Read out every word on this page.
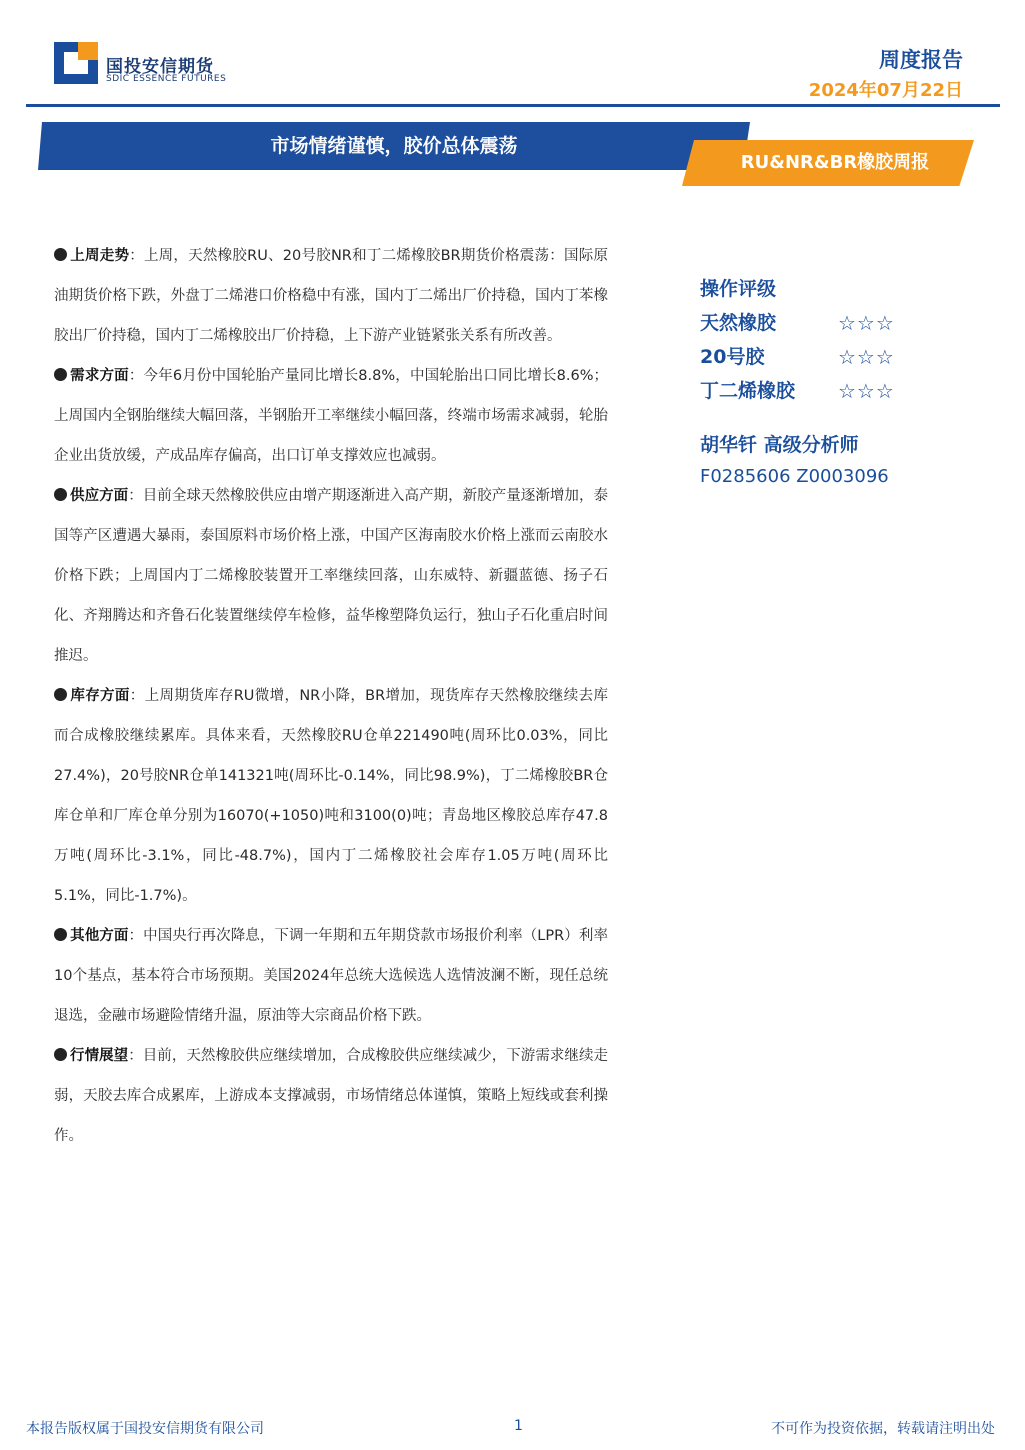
国投安信期货
SDIC ESSENCE FUTURES
周度报告
2024年07月22日
市场情绪谨慎，胶价总体震荡
RU&NR&BR橡胶周报

上周走势：上周，天然橡胶RU、20号胶NR和丁二烯橡胶BR期货价格震荡：国际原油期货价格下跌，外盘丁二烯港口价格稳中有涨，国内丁二烯出厂价持稳，国内丁苯橡胶出厂价持稳，国内丁二烯橡胶出厂价持稳，上下游产业链紧张关系有所改善。

需求方面：今年6月份中国轮胎产量同比增长8.8%，中国轮胎出口同比增长8.6%；上周国内全钢胎继续大幅回落，半钢胎开工率继续小幅回落，终端市场需求减弱，轮胎企业出货放缓，产成品库存偏高，出口订单支撑效应也减弱。

供应方面：目前全球天然橡胶供应由增产期逐渐进入高产期，新胶产量逐渐增加，泰国等产区遭遇大暴雨，泰国原料市场价格上涨，中国产区海南胶水价格上涨而云南胶水价格下跌；上周国内丁二烯橡胶装置开工率继续回落，山东威特、新疆蓝德、扬子石化、齐翔腾达和齐鲁石化装置继续停车检修，益华橡塑降负运行，独山子石化重启时间推迟。

库存方面：上周期货库存RU微增，NR小降，BR增加，现货库存天然橡胶继续去库而合成橡胶继续累库。具体来看，天然橡胶RU仓单221490吨(周环比0.03%，同比27.4%)，20号胶NR仓单141321吨(周环比-0.14%，同比98.9%)，丁二烯橡胶BR仓库仓单和厂库仓单分别为16070(+1050)吨和3100(0)吨；青岛地区橡胶总库存47.8万吨(周环比-3.1%，同比-48.7%)，国内丁二烯橡胶社会库存1.05万吨(周环比5.1%，同比-1.7%)。

其他方面：中国央行再次降息，下调一年期和五年期贷款市场报价利率（LPR）利率10个基点，基本符合市场预期。美国2024年总统大选候选人选情波澜不断，现任总统退选，金融市场避险情绪升温，原油等大宗商品价格下跌。

行情展望：目前，天然橡胶供应继续增加，合成橡胶供应继续减少，下游需求继续走弱，天胶去库合成累库，上游成本支撑减弱，市场情绪总体谨慎，策略上短线或套利操作。

操作评级
天然橡胶	☆☆☆
20号胶	☆☆☆
丁二烯橡胶 ☆☆☆
胡华钎 高级分析师
F0285606 Z0003096
本报告版权属于国投安信期货有限公司	1	不可作为投资依据，转载请注明出处
